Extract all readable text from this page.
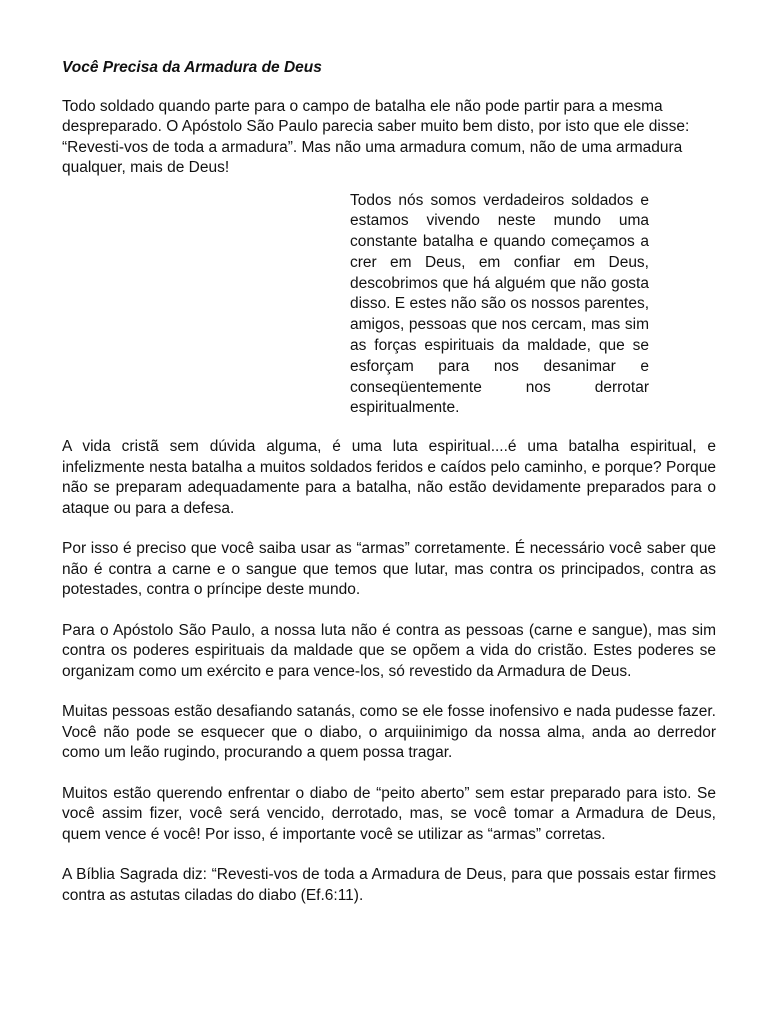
Você Precisa da Armadura de Deus

Todo soldado quando parte para o campo de batalha ele não pode partir para a mesma despreparado. O Apóstolo São Paulo parecia saber muito bem disto, por isto que ele disse: “Revesti-vos de toda a armadura”. Mas não uma armadura comum, não de uma armadura qualquer, mais de Deus!

Todos nós somos verdadeiros soldados e estamos vivendo neste mundo uma constante batalha e quando começamos a crer em Deus, em confiar em Deus, descobrimos que há alguém que não gosta disso. E estes não são os nossos parentes, amigos, pessoas que nos cercam, mas sim as forças espirituais da maldade, que se esforçam para nos desanimar e conseqüentemente nos derrotar espiritualmente.

A vida cristã sem dúvida alguma, é uma luta espiritual....é uma batalha espiritual, e infelizmente nesta batalha a muitos soldados feridos e caídos pelo caminho, e porque? Porque não se preparam adequadamente para a batalha, não estão devidamente preparados para o ataque ou para a defesa.

Por isso é preciso que você saiba usar as “armas” corretamente. É necessário você saber que não é contra a carne e o sangue que temos que lutar, mas contra os principados, contra as potestades, contra o príncipe deste mundo.

Para o Apóstolo São Paulo, a nossa luta não é contra as pessoas (carne e sangue), mas sim contra os poderes espirituais da maldade que se opõem a vida do cristão. Estes poderes se organizam como um exército e para vence-los, só revestido da Armadura de Deus.

Muitas pessoas estão desafiando satanás, como se ele fosse inofensivo e nada pudesse fazer. Você não pode se esquecer que o diabo, o arquiinimigo da nossa alma, anda ao derredor como um leão rugindo, procurando a quem possa tragar.

Muitos estão querendo enfrentar o diabo de “peito aberto” sem estar preparado para isto. Se você assim fizer, você será vencido, derrotado, mas, se você tomar a Armadura de Deus, quem vence é você! Por isso, é importante você se utilizar as “armas” corretas.

A Bíblia Sagrada diz: “Revesti-vos de toda a Armadura de Deus, para que possais estar firmes contra as astutas ciladas do diabo (Ef.6:11).
